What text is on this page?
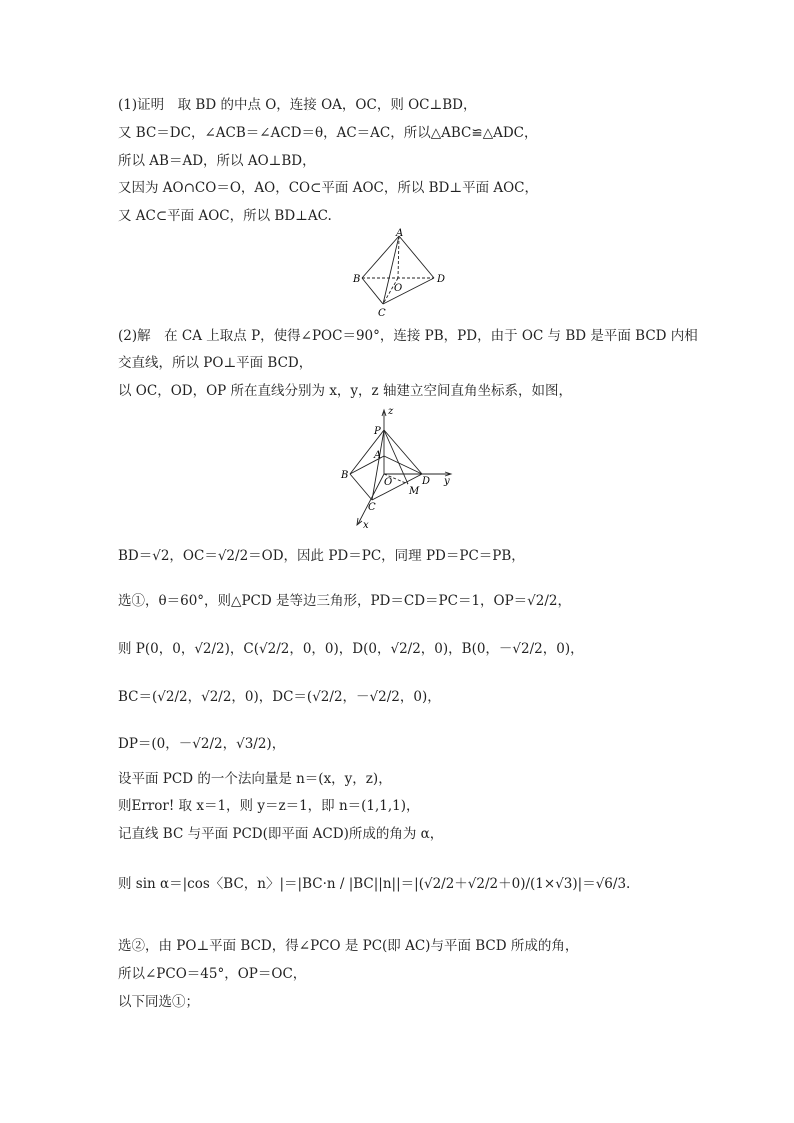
(1)证明　取 BD 的中点 O，连接 OA，OC，则 OC⊥BD，
又 BC＝DC，∠ACB＝∠ACD＝θ，AC＝AC，所以△ABC≌△ADC，
所以 AB＝AD，所以 AO⊥BD，
又因为 AO∩CO＝O，AO，CO⊂平面 AOC，所以 BD⊥平面 AOC，
又 AC⊂平面 AOC，所以 BD⊥AC.
A
B	D
C
O
(2)解　在 CA 上取点 P，使得∠POC＝90°，连接 PB，PD，由于 OC 与 BD 是平面 BCD 内相
交直线，所以 PO⊥平面 BCD，
以 OC，OD，OP 所在直线分别为 x，y，z 轴建立空间直角坐标系，如图，
z
P
A
B
O
M
D y
C
x
BD＝√2，OC＝√2/2＝OD，因此 PD＝PC，同理 PD＝PC＝PB，
选①，θ＝60°，则△PCD 是等边三角形，PD＝CD＝PC＝1，OP＝√2/2，
则 P(0，0，√2/2)，C(√2/2，0，0)，D(0，√2/2，0)，B(0，－√2/2，0)，
BC＝(√2/2，√2/2，0)，DC＝(√2/2，－√2/2，0)，
DP＝(0，－√2/2，√3/2)，
设平面 PCD 的一个法向量是 n＝(x，y，z)，
则Error! 取 x＝1，则 y＝z＝1，即 n＝(1,1,1)，
记直线 BC 与平面 PCD(即平面 ACD)所成的角为 α，
则 sin α＝|cos〈BC，n〉|＝|BC·n / |BC||n||＝|(√2/2＋√2/2＋0)/(1×√3)|＝√6/3.
选②，由 PO⊥平面 BCD，得∠PCO 是 PC(即 AC)与平面 BCD 所成的角，
所以∠PCO＝45°，OP＝OC，
以下同选①；
